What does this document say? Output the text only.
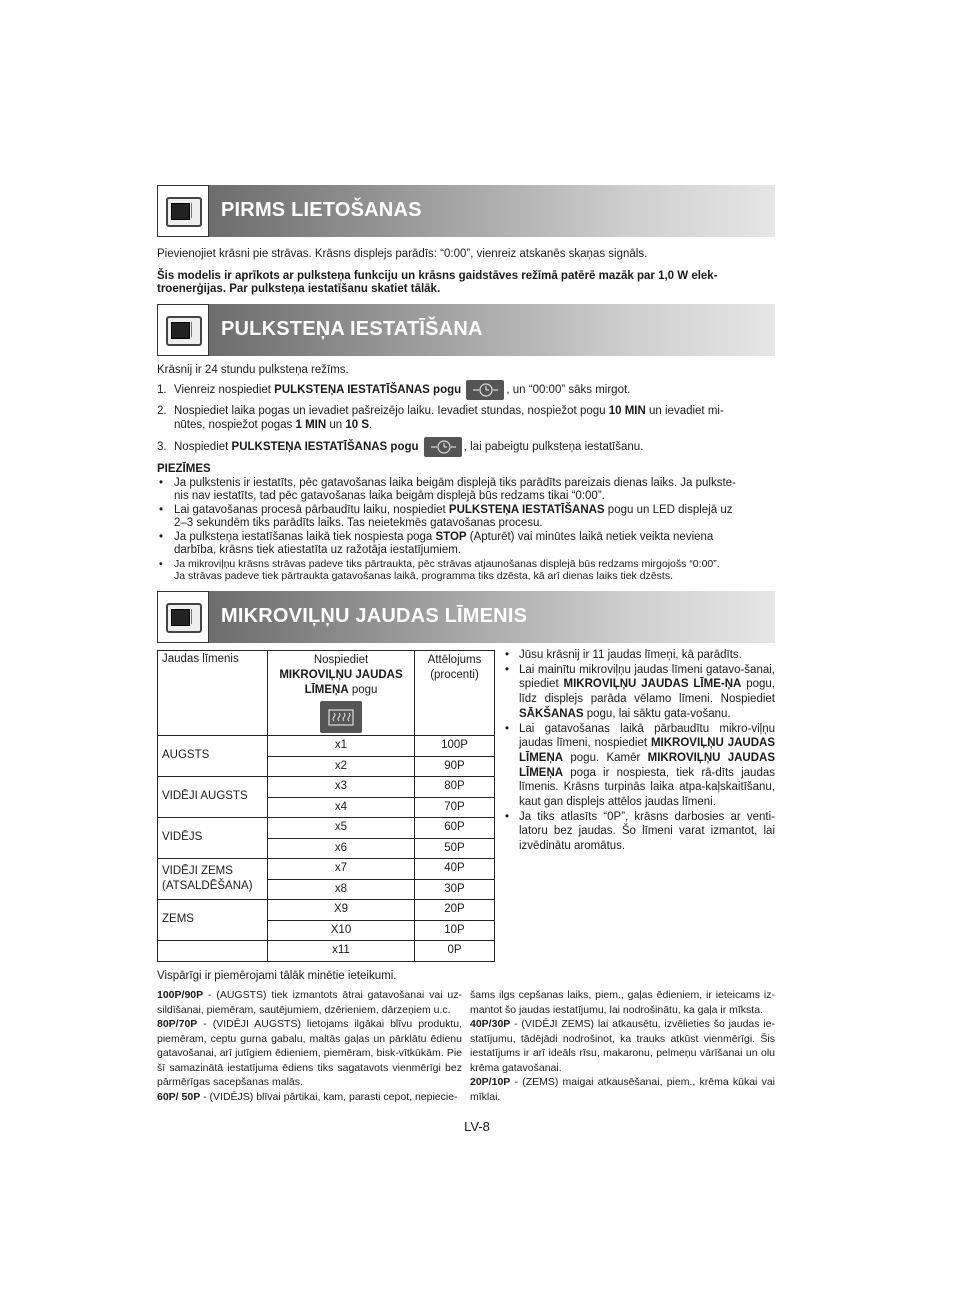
PIRMS LIETOŠANAS

Pievienojiet krāsni pie strāvas. Krāsns displejs parādīs: “0:00”, vienreiz atskanēs skaņas signāls.

Šis modelis ir aprīkots ar pulksteņa funkciju un krāsns gaidstāves režīmā patērē mazāk par 1,0 W elek-
troenerģijas. Par pulksteņa iestatīšanu skatiet tālāk.

PULKSTEŅA IESTATĪŠANA
Krāsnij ir 24 stundu pulksteņa režīms.
1. Vienreiz nospiediet PULKSTEŅA IESTATĪŠANAS pogu	, un “00:00” sāks mirgot.
2. Nospiediet laika pogas un ievadiet pašreizējo laiku. Ievadiet stundas, nospiežot pogu 10 MIN un ievadiet mi-
nūtes, nospiežot pogas 1 MIN un 10 S.
3. Nospiediet PULKSTEŅA IESTATĪŠANAS pogu	, lai pabeigtu pulksteņa iestatīšanu.

PIEZĪMES

• Ja pulkstenis ir iestatīts, pēc gatavošanas laika beigām displejā tiks parādīts pareizais dienas laiks. Ja pulkste-
nis nav iestatīts, tad pēc gatavošanas laika beigām displejā būs redzams tikai “0:00”.
• Lai gatavošanas procesā pārbaudītu laiku, nospiediet PULKSTEŅA IESTATĪŠANAS pogu un LED displejā uz
2–3 sekundēm tiks parādīts laiks. Tas neietekmēs gatavošanas procesu.
• Ja pulksteņa iestatīšanas laikā tiek nospiesta poga STOP (Apturēt) vai minūtes laikā netiek veikta neviena
darbība, krāsns tiek atiestatīta uz ražotāja iestatījumiem.
• Ja mikroviļņu krāsns strāvas padeve tiks pārtraukta, pēc strāvas atjaunošanas displejā būs redzams mirgojošs “0:00”.
Ja strāvas padeve tiek pārtraukta gatavošanas laikā, programma tiks dzēsta, kā arī dienas laiks tiek dzēsts.
MIKROVIĻŅU JAUDAS LĪMENIS
Jaudas līmenis	Nospiediet
MIKROVIĻŅU JAUDAS
LĪMEŅA pogu	Attēlojums
(procenti)
AUGSTS	x1	100P
	x2	90P
VIDĒJI AUGSTS	x3	80P
	x4	70P
VIDĒJS	x5	60P
	x6	50P
VIDĒJI ZEMS (ATSALDĒŠANA)	x7	40P
	x8	30P
ZEMS	X9	20P
	X10	10P
	x11	0P
• Jūsu krāsnij ir 11 jaudas līmeņi, kā parādīts.
• Lai mainītu mikroviļņu jaudas līmeni gatavo-šanai, spiediet MIKROVIĻŅU JAUDAS LĪME-ŅA pogu, līdz displejs parāda vēlamo līmeni. Nospiediet SĀKŠANAS pogu, lai sāktu gata-vošanu.
• Lai gatavošanas laikā pārbaudītu mikro-viļņu jaudas līmeni, nospiediet MIKROVIĻŅU JAUDAS LĪMEŅA pogu. Kamēr MIKROVIĻŅU JAUDAS LĪMEŅA poga ir nospiesta, tiek rā-dīts jaudas līmenis. Krāsns turpinās laika atpa-kaļskaitīšanu, kaut gan displejs attēlos jaudas līmeni.
• Ja tiks atlasīts “0P”, krāsns darbosies ar venti-latoru bez jaudas. Šo līmeni varat izmantot, lai izvēdinātu aromātus.
Vispārīgi ir piemērojami tālāk minētie ieteikumi.
100P/90P - (AUGSTS) tiek izmantots ātrai gatavošanai vai uz-sildīšanai, piemēram, sautējumiem, dzērieniem, dārzeņiem u.c.
80P/70P - (VIDĒJI AUGSTS) lietojams ilgākai blīvu produktu, piemēram, ceptu gurna gabalu, maltās gaļas un pārklātu ēdienu gatavošanai, arī jutīgiem ēdieniem, piemēram, bisk-vītkūkām. Pie šī samazinātā iestatījuma ēdiens tiks sagatavots vienmērīgi bez pārmērīgas sacepšanas malās.
60P/ 50P - (VIDĒJS) blīvai pārtikai, kam, parasti cepot, nepiecie-
šams ilgs cepšanas laiks, piem., gaļas ēdieniem, ir ieteicams iz-mantot šo jaudas iestatījumu, lai nodrošinātu, ka gaļa ir mīksta.
40P/30P - (VIDĒJI ZEMS) lai atkausētu, izvēlieties šo jaudas ie-statījumu, tādējādi nodrošinot, ka trauks atkūst vienmērīgi. Šis iestatījums ir arī ideāls rīsu, makaronu, pelmeņu vārīšanai un olu krēma gatavošanai.
20P/10P - (ZEMS) maigai atkausēšanai, piem., krēma kūkai vai mīklai.
LV-8
